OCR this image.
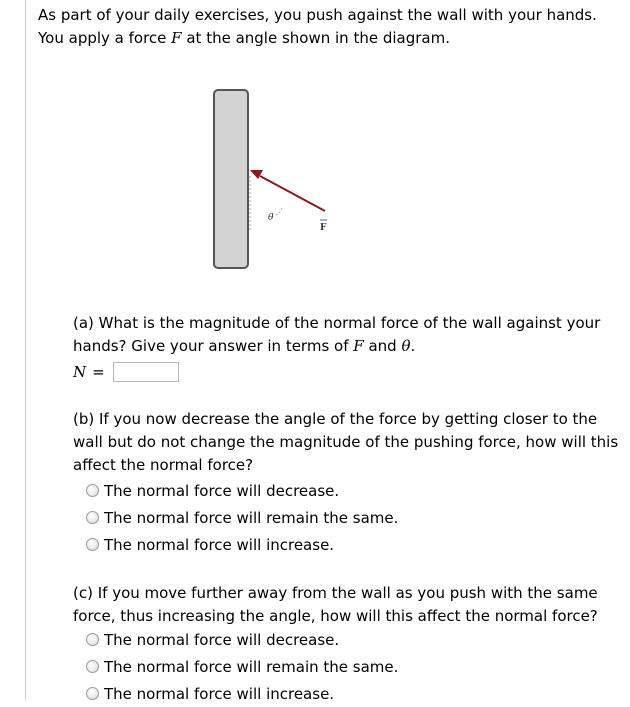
As part of your daily exercises, you push against the wall with your hands.
You apply a force F at the angle shown in the diagram.

θ
F

(a) What is the magnitude of the normal force of the wall against your
hands? Give your answer in terms of F and θ.

N =

(b) If you now decrease the angle of the force by getting closer to the
wall but do not change the magnitude of the pushing force, how will this
affect the normal force?

The normal force will decrease.
The normal force will remain the same.
The normal force will increase.

(c) If you move further away from the wall as you push with the same
force, thus increasing the angle, how will this affect the normal force?

The normal force will decrease.
The normal force will remain the same.
The normal force will increase.
